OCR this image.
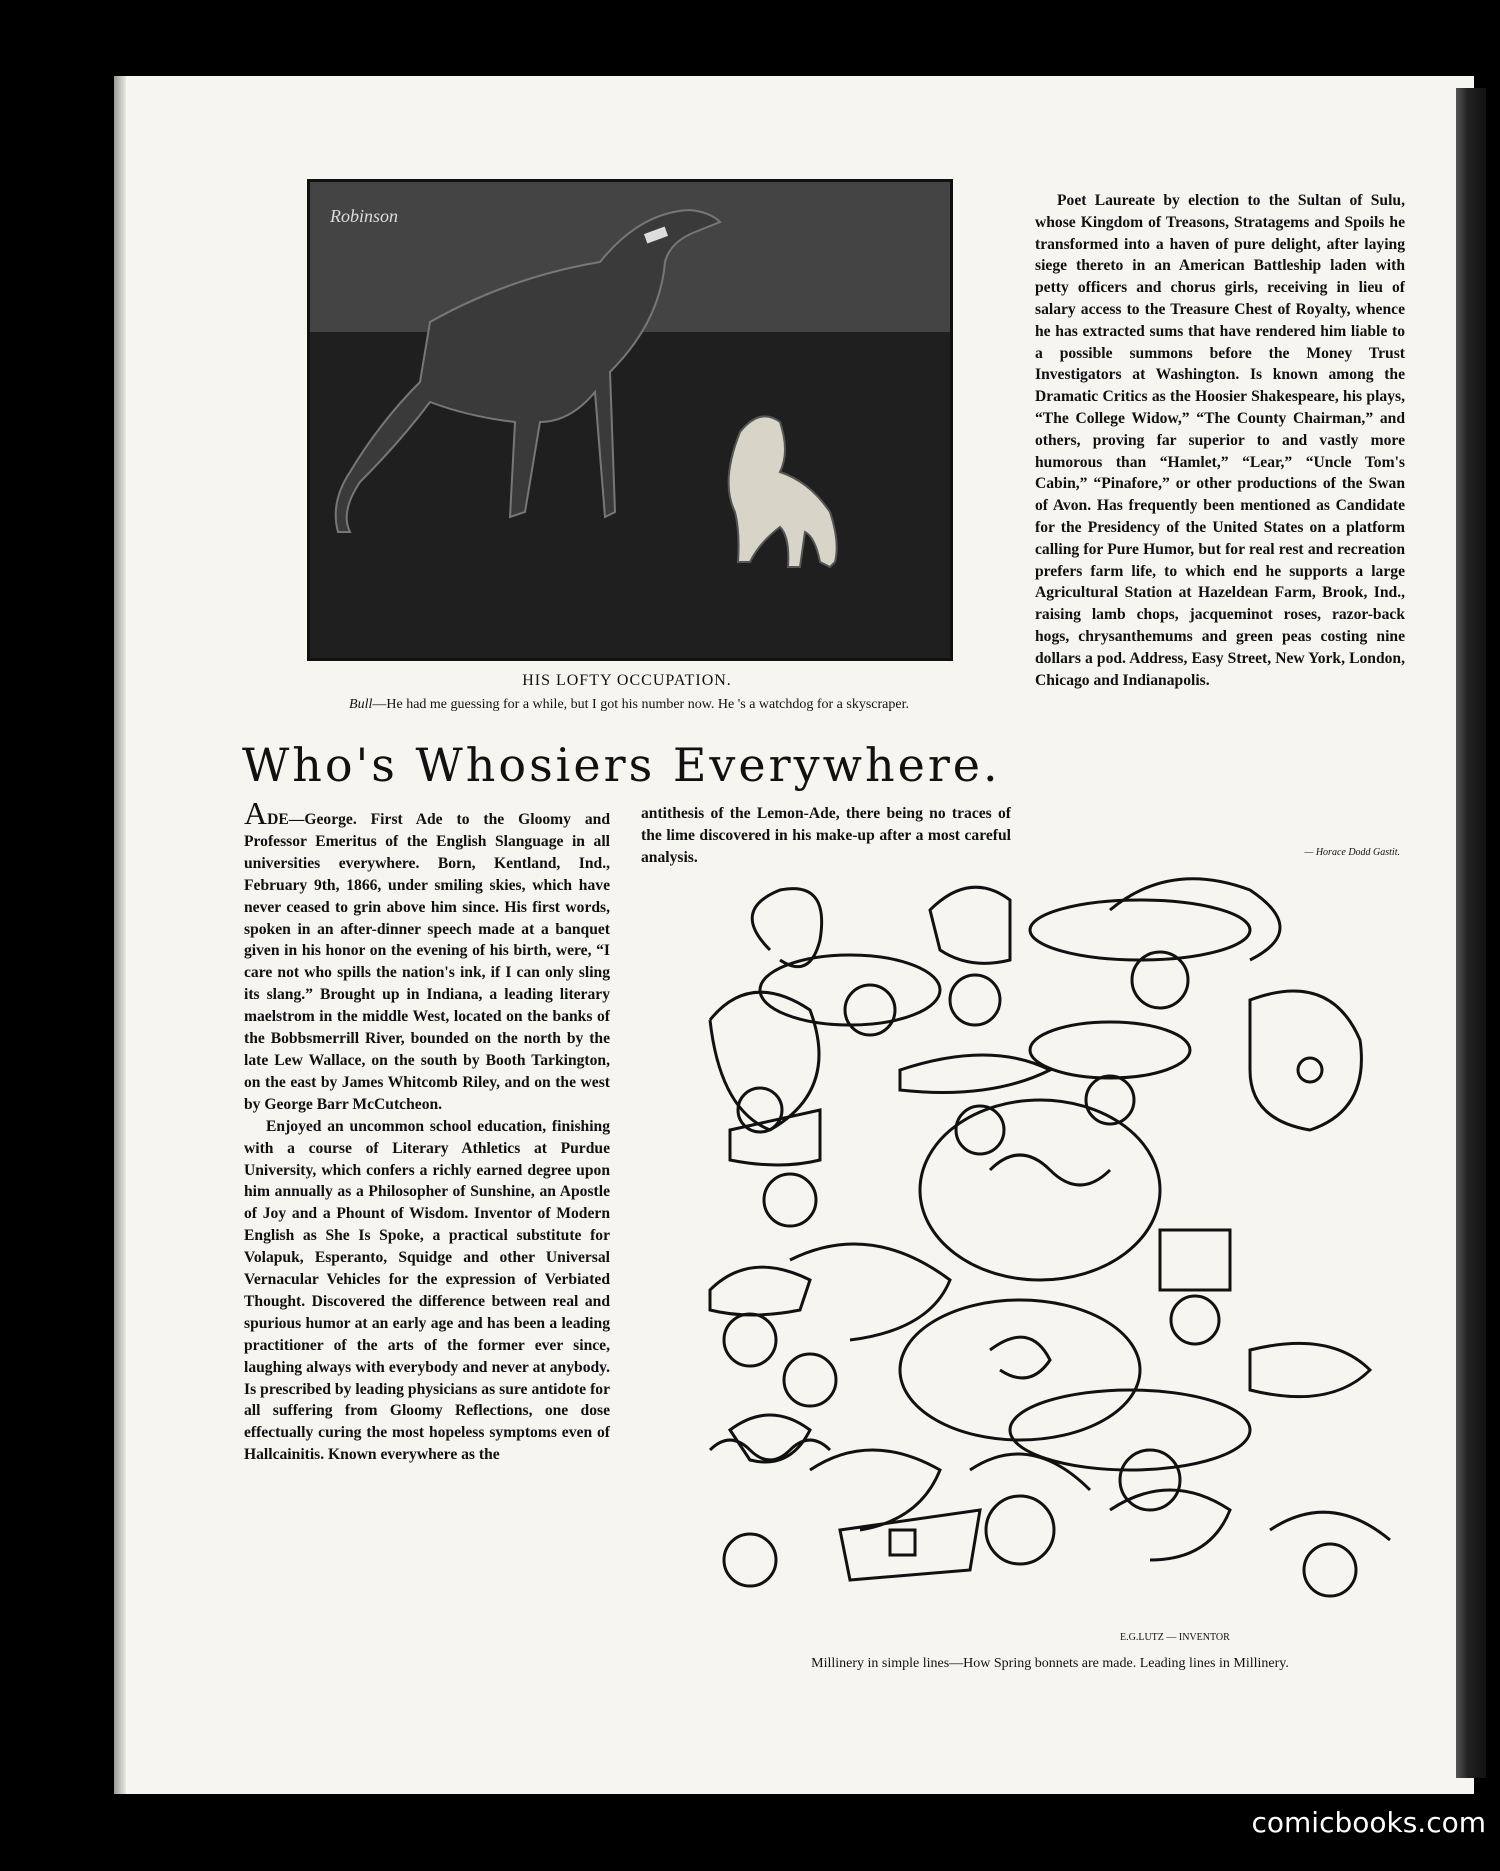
Robinson
HIS LOFTY OCCUPATION.
Bull—He had me guessing for a while, but I got his number now. He 's a watchdog for a skyscraper.

Poet Laureate by election to the Sultan of Sulu, whose Kingdom of Treasons, Stratagems and Spoils he transformed into a haven of pure delight, after laying siege thereto in an American Battleship laden with petty officers and chorus girls, receiving in lieu of salary access to the Treasure Chest of Royalty, whence he has extracted sums that have rendered him liable to a possible summons before the Money Trust Investigators at Washington. Is known among the Dramatic Critics as the Hoosier Shakespeare, his plays, “The College Widow,” “The County Chairman,” and others, proving far superior to and vastly more humorous than “Hamlet,” “Lear,” “Uncle Tom's Cabin,” “Pinafore,” or other productions of the Swan of Avon. Has frequently been mentioned as Candidate for the Presidency of the United States on a platform calling for Pure Humor, but for real rest and recreation prefers farm life, to which end he supports a large Agricultural Station at Hazeldean Farm, Brook, Ind., raising lamb chops, jacqueminot roses, razor-back hogs, chrysanthemums and green peas costing nine dollars a pod. Address, Easy Street, New York, London, Chicago and Indianapolis.

— Horace Dodd Gastit.
Who's Whosiers Everywhere.

ADE—George. First Ade to the Gloomy and Professor Emeritus of the English Slanguage in all universities everywhere. Born, Kentland, Ind., February 9th, 1866, under smiling skies, which have never ceased to grin above him since. His first words, spoken in an after-dinner speech made at a banquet given in his honor on the evening of his birth, were, “I care not who spills the nation's ink, if I can only sling its slang.” Brought up in Indiana, a leading literary maelstrom in the middle West, located on the banks of the Bobbsmerrill River, bounded on the north by the late Lew Wallace, on the south by Booth Tarkington, on the east by James Whitcomb Riley, and on the west by George Barr McCutcheon.

Enjoyed an uncommon school education, finishing with a course of Literary Athletics at Purdue University, which confers a richly earned degree upon him annually as a Philosopher of Sunshine, an Apostle of Joy and a Phount of Wisdom. Inventor of Modern English as She Is Spoke, a practical substitute for Volapuk, Esperanto, Squidge and other Universal Vernacular Vehicles for the expression of Verbiated Thought. Discovered the difference between real and spurious humor at an early age and has been a leading practitioner of the arts of the former ever since, laughing always with everybody and never at anybody. Is prescribed by leading physicians as sure antidote for all suffering from Gloomy Reflections, one dose effectually curing the most hopeless symptoms even of Hallcainitis. Known everywhere as the

antithesis of the Lemon-Ade, there being no traces of the lime discovered in his make-up after a most careful analysis.
E.G.LUTZ — INVENTOR
Millinery in simple lines—How Spring bonnets are made. Leading lines in Millinery.
comicbooks.com
